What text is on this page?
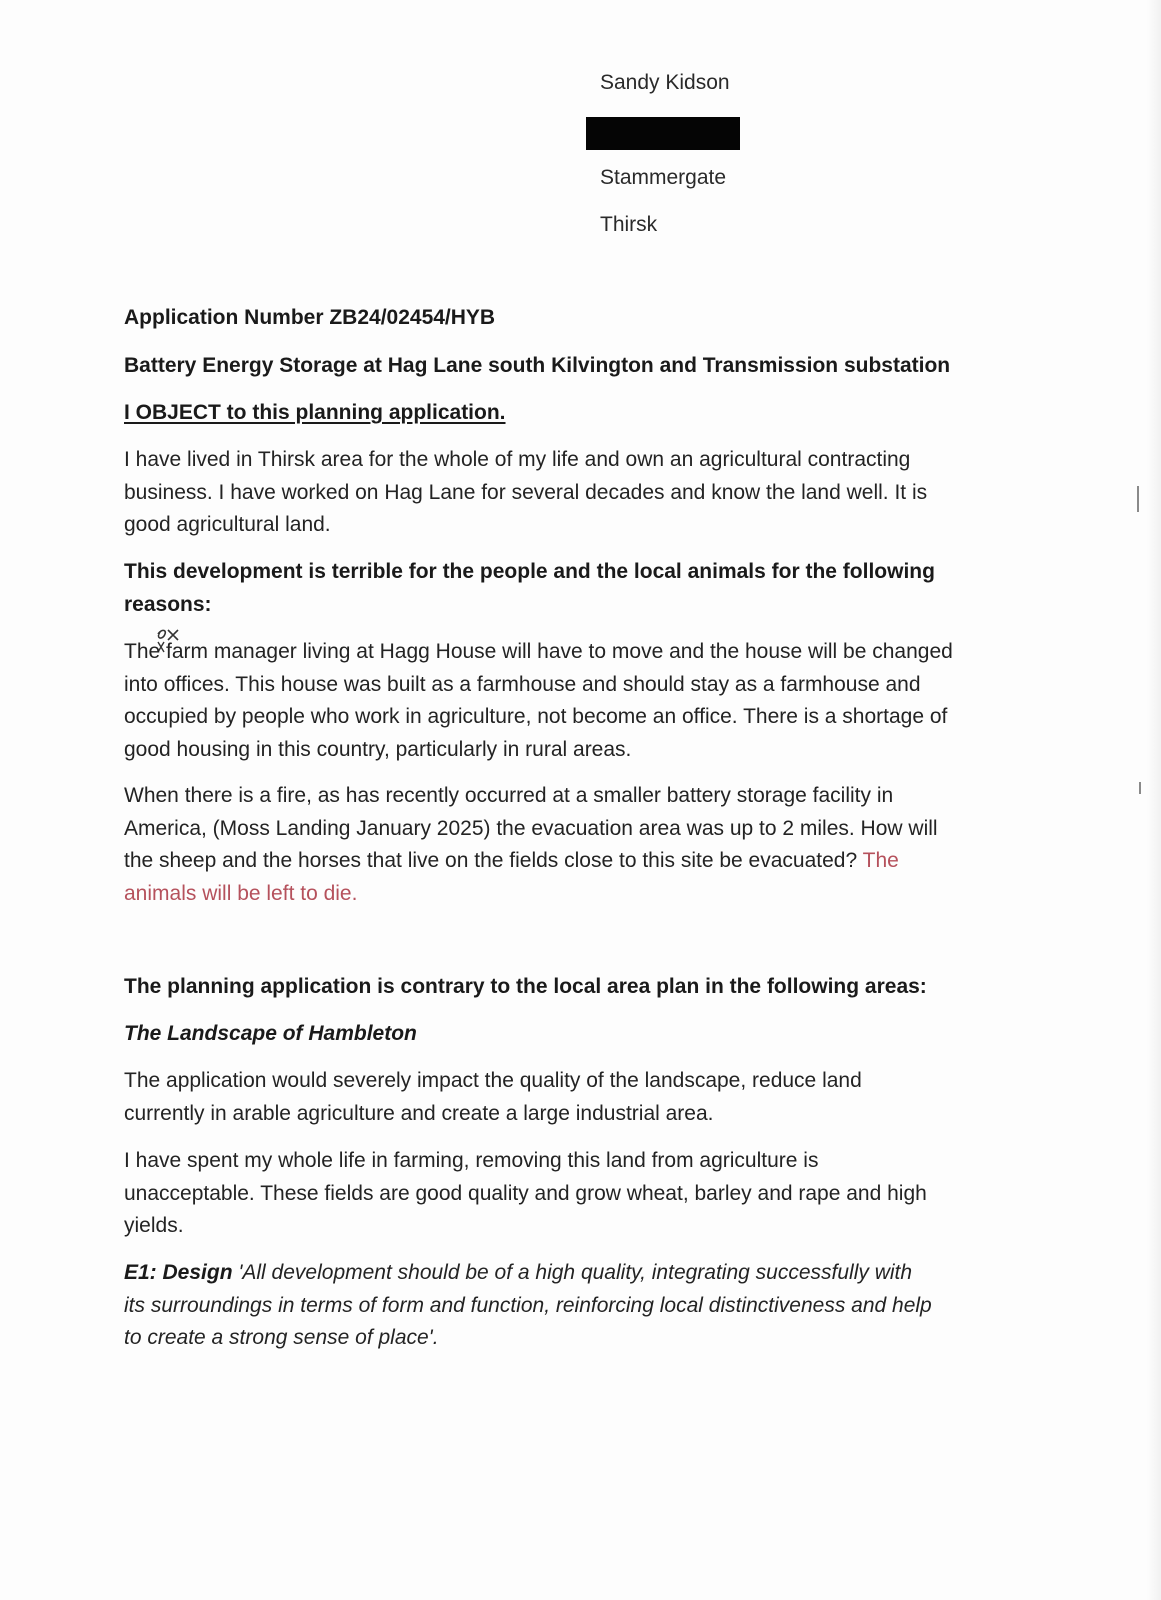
Sandy Kidson
Stammergate
Thirsk

Application Number ZB24/02454/HYB

Battery Energy Storage at Hag Lane south Kilvington and Transmission substation

I OBJECT to this planning application.

I have lived in Thirsk area for the whole of my life and own an agricultural contracting business. I have worked on Hag Lane for several decades and know the land well. It is good agricultural land.

This development is terrible for the people and the local animals for the following reasons:

The farm manager living at Hagg House will have to move and the house will be changed into offices. This house was built as a farmhouse and should stay as a farmhouse and occupied by people who work in agriculture, not become an office. There is a shortage of good housing in this country, particularly in rural areas.

When there is a fire, as has recently occurred at a smaller battery storage facility in America, (Moss Landing January 2025) the evacuation area was up to 2 miles. How will the sheep and the horses that live on the fields close to this site be evacuated? The animals will be left to die.

The planning application is contrary to the local area plan in the following areas:

The Landscape of Hambleton

The application would severely impact the quality of the landscape, reduce land currently in arable agriculture and create a large industrial area.

I have spent my whole life in farming, removing this land from agriculture is unacceptable. These fields are good quality and grow wheat, barley and rape and high yields.

E1: Design 'All development should be of a high quality, integrating successfully with its surroundings in terms of form and function, reinforcing local distinctiveness and help to create a strong sense of place'.
